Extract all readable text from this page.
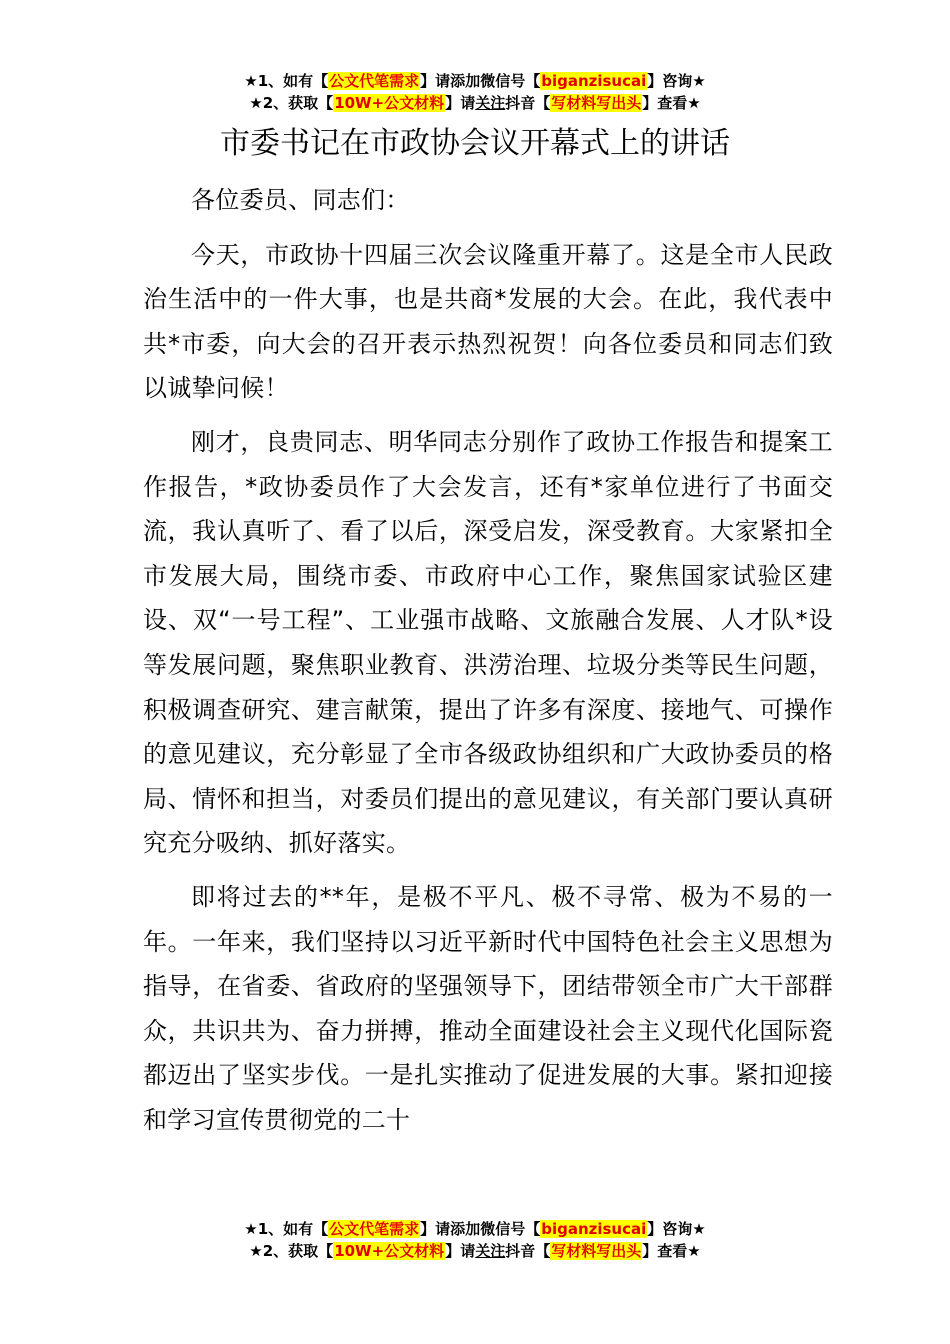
★1、如有【公文代笔需求】请添加微信号【biganzisucai】咨询★
★2、获取【10W+公文材料】请关注抖音【写材料写出头】查看★
市委书记在市政协会议开幕式上的讲话

各位委员、同志们：

今天，市政协十四届三次会议隆重开幕了。这是全市人民政治生活中的一件大事，也是共商*发展的大会。在此，我代表中共*市委，向大会的召开表示热烈祝贺！向各位委员和同志们致以诚挚问候！

刚才，良贵同志、明华同志分别作了政协工作报告和提案工作报告，*政协委员作了大会发言，还有*家单位进行了书面交流，我认真听了、看了以后，深受启发，深受教育。大家紧扣全市发展大局，围绕市委、市政府中心工作，聚焦国家试验区建设、双“一号工程”、工业强市战略、文旅融合发展、人才队*设等发展问题，聚焦职业教育、洪涝治理、垃圾分类等民生问题，积极调查研究、建言献策，提出了许多有深度、接地气、可操作的意见建议，充分彰显了全市各级政协组织和广大政协委员的格局、情怀和担当，对委员们提出的意见建议，有关部门要认真研究充分吸纳、抓好落实。

即将过去的**年，是极不平凡、极不寻常、极为不易的一年。一年来，我们坚持以习近平新时代中国特色社会主义思想为指导，在省委、省政府的坚强领导下，团结带领全市广大干部群众，共识共为、奋力拼搏，推动全面建设社会主义现代化国际瓷都迈出了坚实步伐。一是扎实推动了促进发展的大事。紧扣迎接和学习宣传贯彻党的二十

★1、如有【公文代笔需求】请添加微信号【biganzisucai】咨询★
★2、获取【10W+公文材料】请关注抖音【写材料写出头】查看★
